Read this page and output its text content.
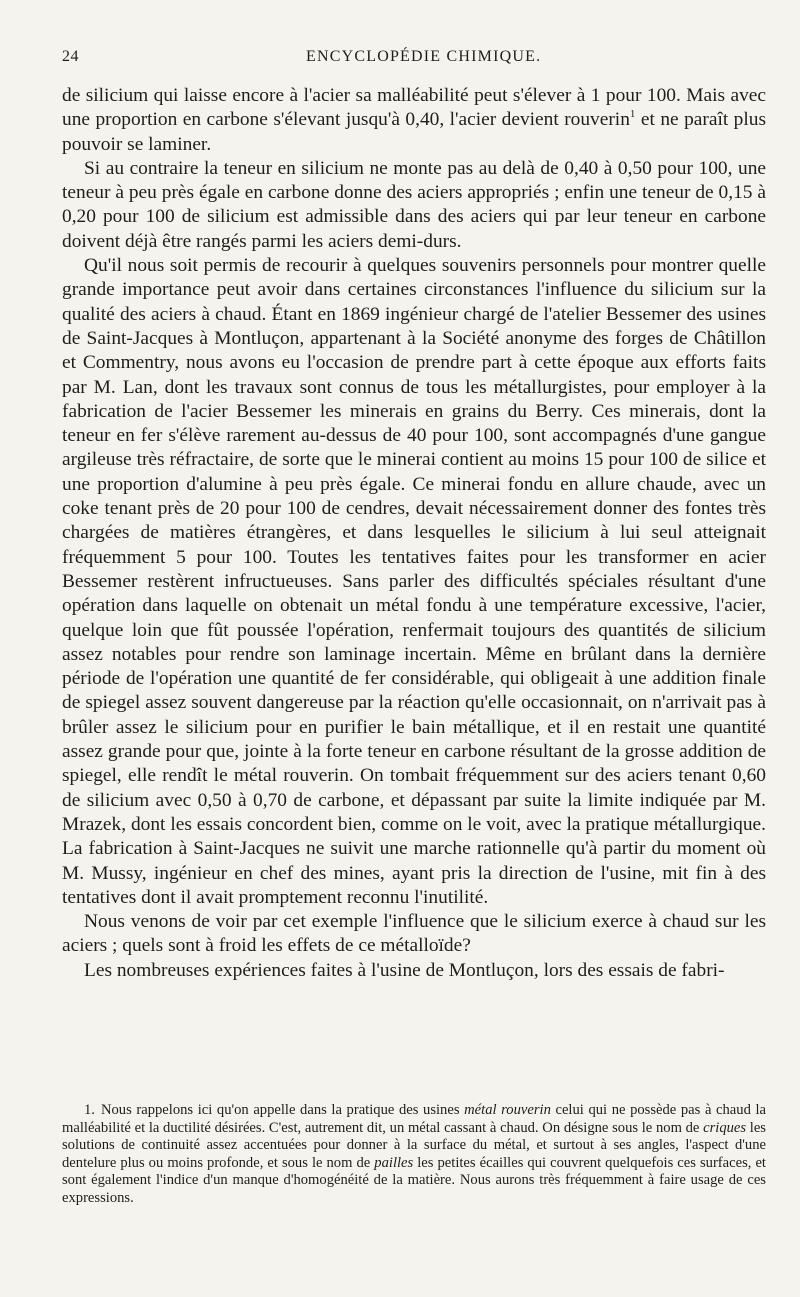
24	ENCYCLOPÉDIE CHIMIQUE.

de silicium qui laisse encore à l'acier sa malléabilité peut s'élever à 1 pour 100. Mais avec une proportion en carbone s'élevant jusqu'à 0,40, l'acier devient rouverin$^1$ et ne paraît plus pouvoir se laminer.

Si au contraire la teneur en silicium ne monte pas au delà de 0,40 à 0,50 pour 100, une teneur à peu près égale en carbone donne des aciers appropriés ; enfin une teneur de 0,15 à 0,20 pour 100 de silicium est admissible dans des aciers qui par leur teneur en carbone doivent déjà être rangés parmi les aciers demi-durs.

Qu'il nous soit permis de recourir à quelques souvenirs personnels pour montrer quelle grande importance peut avoir dans certaines circonstances l'influence du silicium sur la qualité des aciers à chaud. Étant en 1869 ingénieur chargé de l'atelier Bessemer des usines de Saint-Jacques à Montluçon, appartenant à la Société anonyme des forges de Châtillon et Commentry, nous avons eu l'occasion de prendre part à cette époque aux efforts faits par M. Lan, dont les travaux sont connus de tous les métallurgistes, pour employer à la fabrication de l'acier Bessemer les minerais en grains du Berry. Ces minerais, dont la teneur en fer s'élève rarement au-dessus de 40 pour 100, sont accompagnés d'une gangue argileuse très réfractaire, de sorte que le minerai contient au moins 15 pour 100 de silice et une proportion d'alumine à peu près égale. Ce minerai fondu en allure chaude, avec un coke tenant près de 20 pour 100 de cendres, devait nécessairement donner des fontes très chargées de matières étrangères, et dans lesquelles le silicium à lui seul atteignait fréquemment 5 pour 100. Toutes les tentatives faites pour les transformer en acier Bessemer restèrent infructueuses. Sans parler des difficultés spéciales résultant d'une opération dans laquelle on obtenait un métal fondu à une température excessive, l'acier, quelque loin que fût poussée l'opération, renfermait toujours des quantités de silicium assez notables pour rendre son laminage incertain. Même en brûlant dans la dernière période de l'opération une quantité de fer considérable, qui obligeait à une addition finale de spiegel assez souvent dangereuse par la réaction qu'elle occasionnait, on n'arrivait pas à brûler assez le silicium pour en purifier le bain métallique, et il en restait une quantité assez grande pour que, jointe à la forte teneur en carbone résultant de la grosse addition de spiegel, elle rendît le métal rouverin. On tombait fréquemment sur des aciers tenant 0,60 de silicium avec 0,50 à 0,70 de carbone, et dépassant par suite la limite indiquée par M. Mrazek, dont les essais concordent bien, comme on le voit, avec la pratique métallurgique. La fabrication à Saint-Jacques ne suivit une marche rationnelle qu'à partir du moment où M. Mussy, ingénieur en chef des mines, ayant pris la direction de l'usine, mit fin à des tentatives dont il avait promptement reconnu l'inutilité.

Nous venons de voir par cet exemple l'influence que le silicium exerce à chaud sur les aciers ; quels sont à froid les effets de ce métalloïde?

Les nombreuses expériences faites à l'usine de Montluçon, lors des essais de fabri-

1. Nous rappelons ici qu'on appelle dans la pratique des usines métal rouverin celui qui ne possède pas à chaud la malléabilité et la ductilité désirées. C'est, autrement dit, un métal cassant à chaud. On désigne sous le nom de criques les solutions de continuité assez accentuées pour donner à la surface du métal, et surtout à ses angles, l'aspect d'une dentelure plus ou moins profonde, et sous le nom de pailles les petites écailles qui couvrent quelquefois ces surfaces, et sont également l'indice d'un manque d'homogénéité de la matière. Nous aurons très fréquemment à faire usage de ces expressions.
